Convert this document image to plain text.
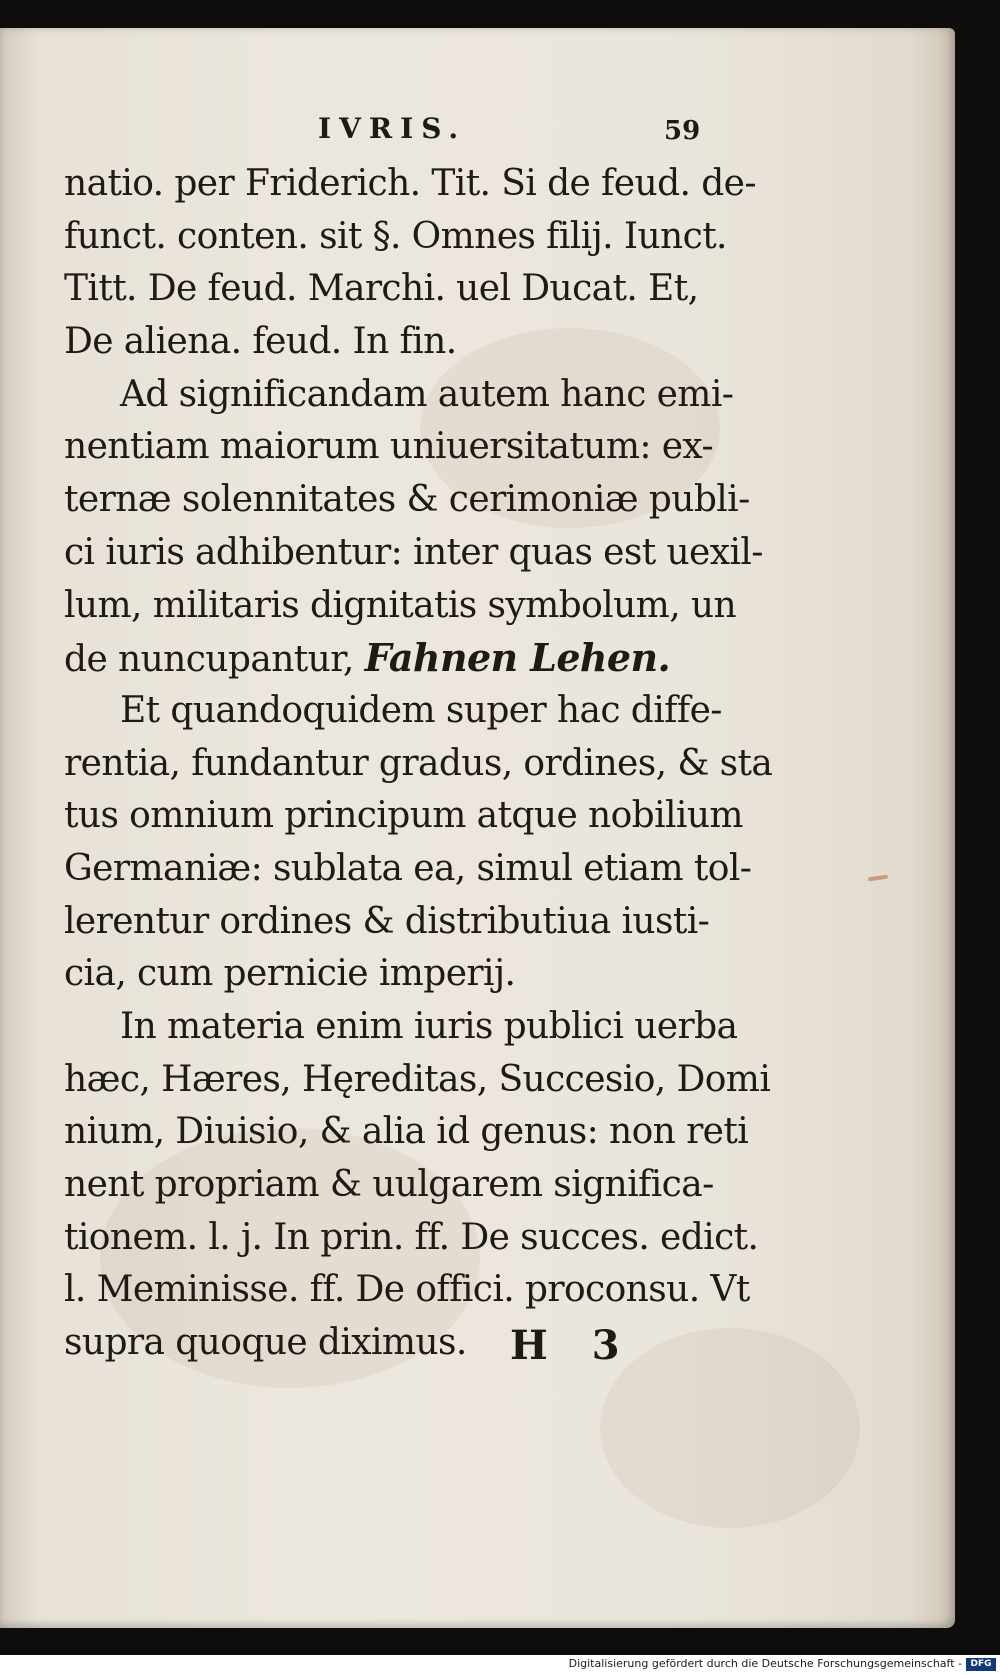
IVRIS.	59
natio. per Friderich. Tit. Si de feud. de-
funct. conten. sit §. Omnes filij. Iunct.
Titt. De feud. Marchi. uel Ducat. Et,
De aliena. feud. In fin.
Ad significandam autem hanc emi-
nentiam maiorum uniuersitatum: ex-
ternæ solennitates & cerimoniæ publi-
ci iuris adhibentur: inter quas est uexil-
lum, militaris dignitatis symbolum, un
de nuncupantur, Fahnen Lehen.
Et quandoquidem super hac diffe-
rentia, fundantur gradus, ordines, & sta
tus omnium principum atque nobilium
Germaniæ: sublata ea, simul etiam tol-
lerentur ordines & distributiua iusti-
cia, cum pernicie imperij.
In materia enim iuris publici uerba
hæc, Hæres, Hęreditas, Succesio, Domi
nium, Diuisio, & alia id genus: non reti
nent propriam & uulgarem significa-
tionem. l. j. In prin. ff. De succes. edict.
l. Meminisse. ff. De offici. proconsu. Vt
supra quoque diximus.	H 3
Digitalisierung gefördert durch die Deutsche Forschungsgemeinschaft - DFG
